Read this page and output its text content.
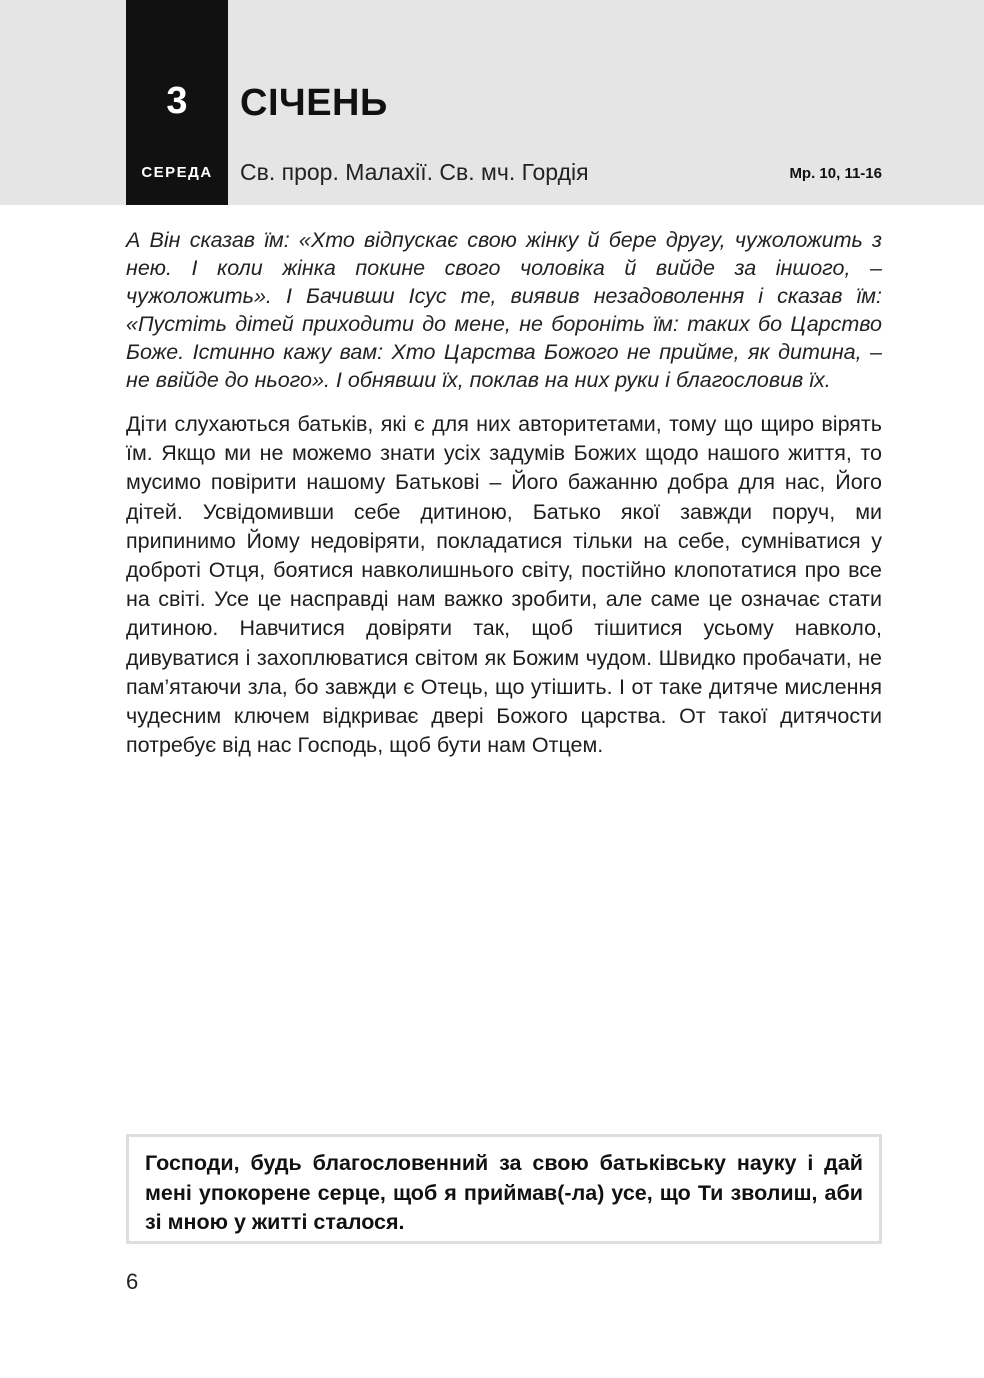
3
СЕРЕДА
СІЧЕНЬ
Св. прор. Малахії. Св. мч. Гордія	Мр. 10, 11-16

А Він сказав їм: «Хто відпускає свою жінку й бере другу, чужоложить з нею. І коли жінка покине свого чоловіка й вийде за іншого, – чужоложить». І Бачивши Ісус те, виявив незадоволення і сказав їм: «Пустіть дітей приходити до мене, не бороніть їм: таких бо Царство Боже. Істинно кажу вам: Хто Царства Божого не прийме, як дитина, – не ввійде до нього». І обнявши їх, поклав на них руки і благословив їх.

Діти слухаються батьків, які є для них авторитетами, тому що щиро вірять їм. Якщо ми не можемо знати усіх задумів Божих щодо нашого життя, то мусимо повірити нашому Батькові – Його бажанню добра для нас, Його дітей. Усвідомивши себе дитиною, Батько якої завжди поруч, ми припинимо Йому недовіряти, покладатися тільки на себе, сумніватися у доброті Отця, боятися навколишнього світу, постійно клопотатися про все на світі. Усе це насправді нам важко зробити, але саме це означає стати дитиною. Навчитися довіряти так, щоб тішитися усьому навколо, дивуватися і захоплюватися світом як Божим чудом. Швидко пробачати, не пам’ятаючи зла, бо завжди є Отець, що утішить. І от таке дитяче мислення чудесним ключем відкриває двері Божого царства. От такої дитячости потребує від нас Господь, щоб бути нам Отцем.

Господи, будь благословенний за свою батьківську науку і дай мені упокорене серце, щоб я приймав(-ла) усе, що Ти зволиш, аби зі мною у житті сталося.

6
